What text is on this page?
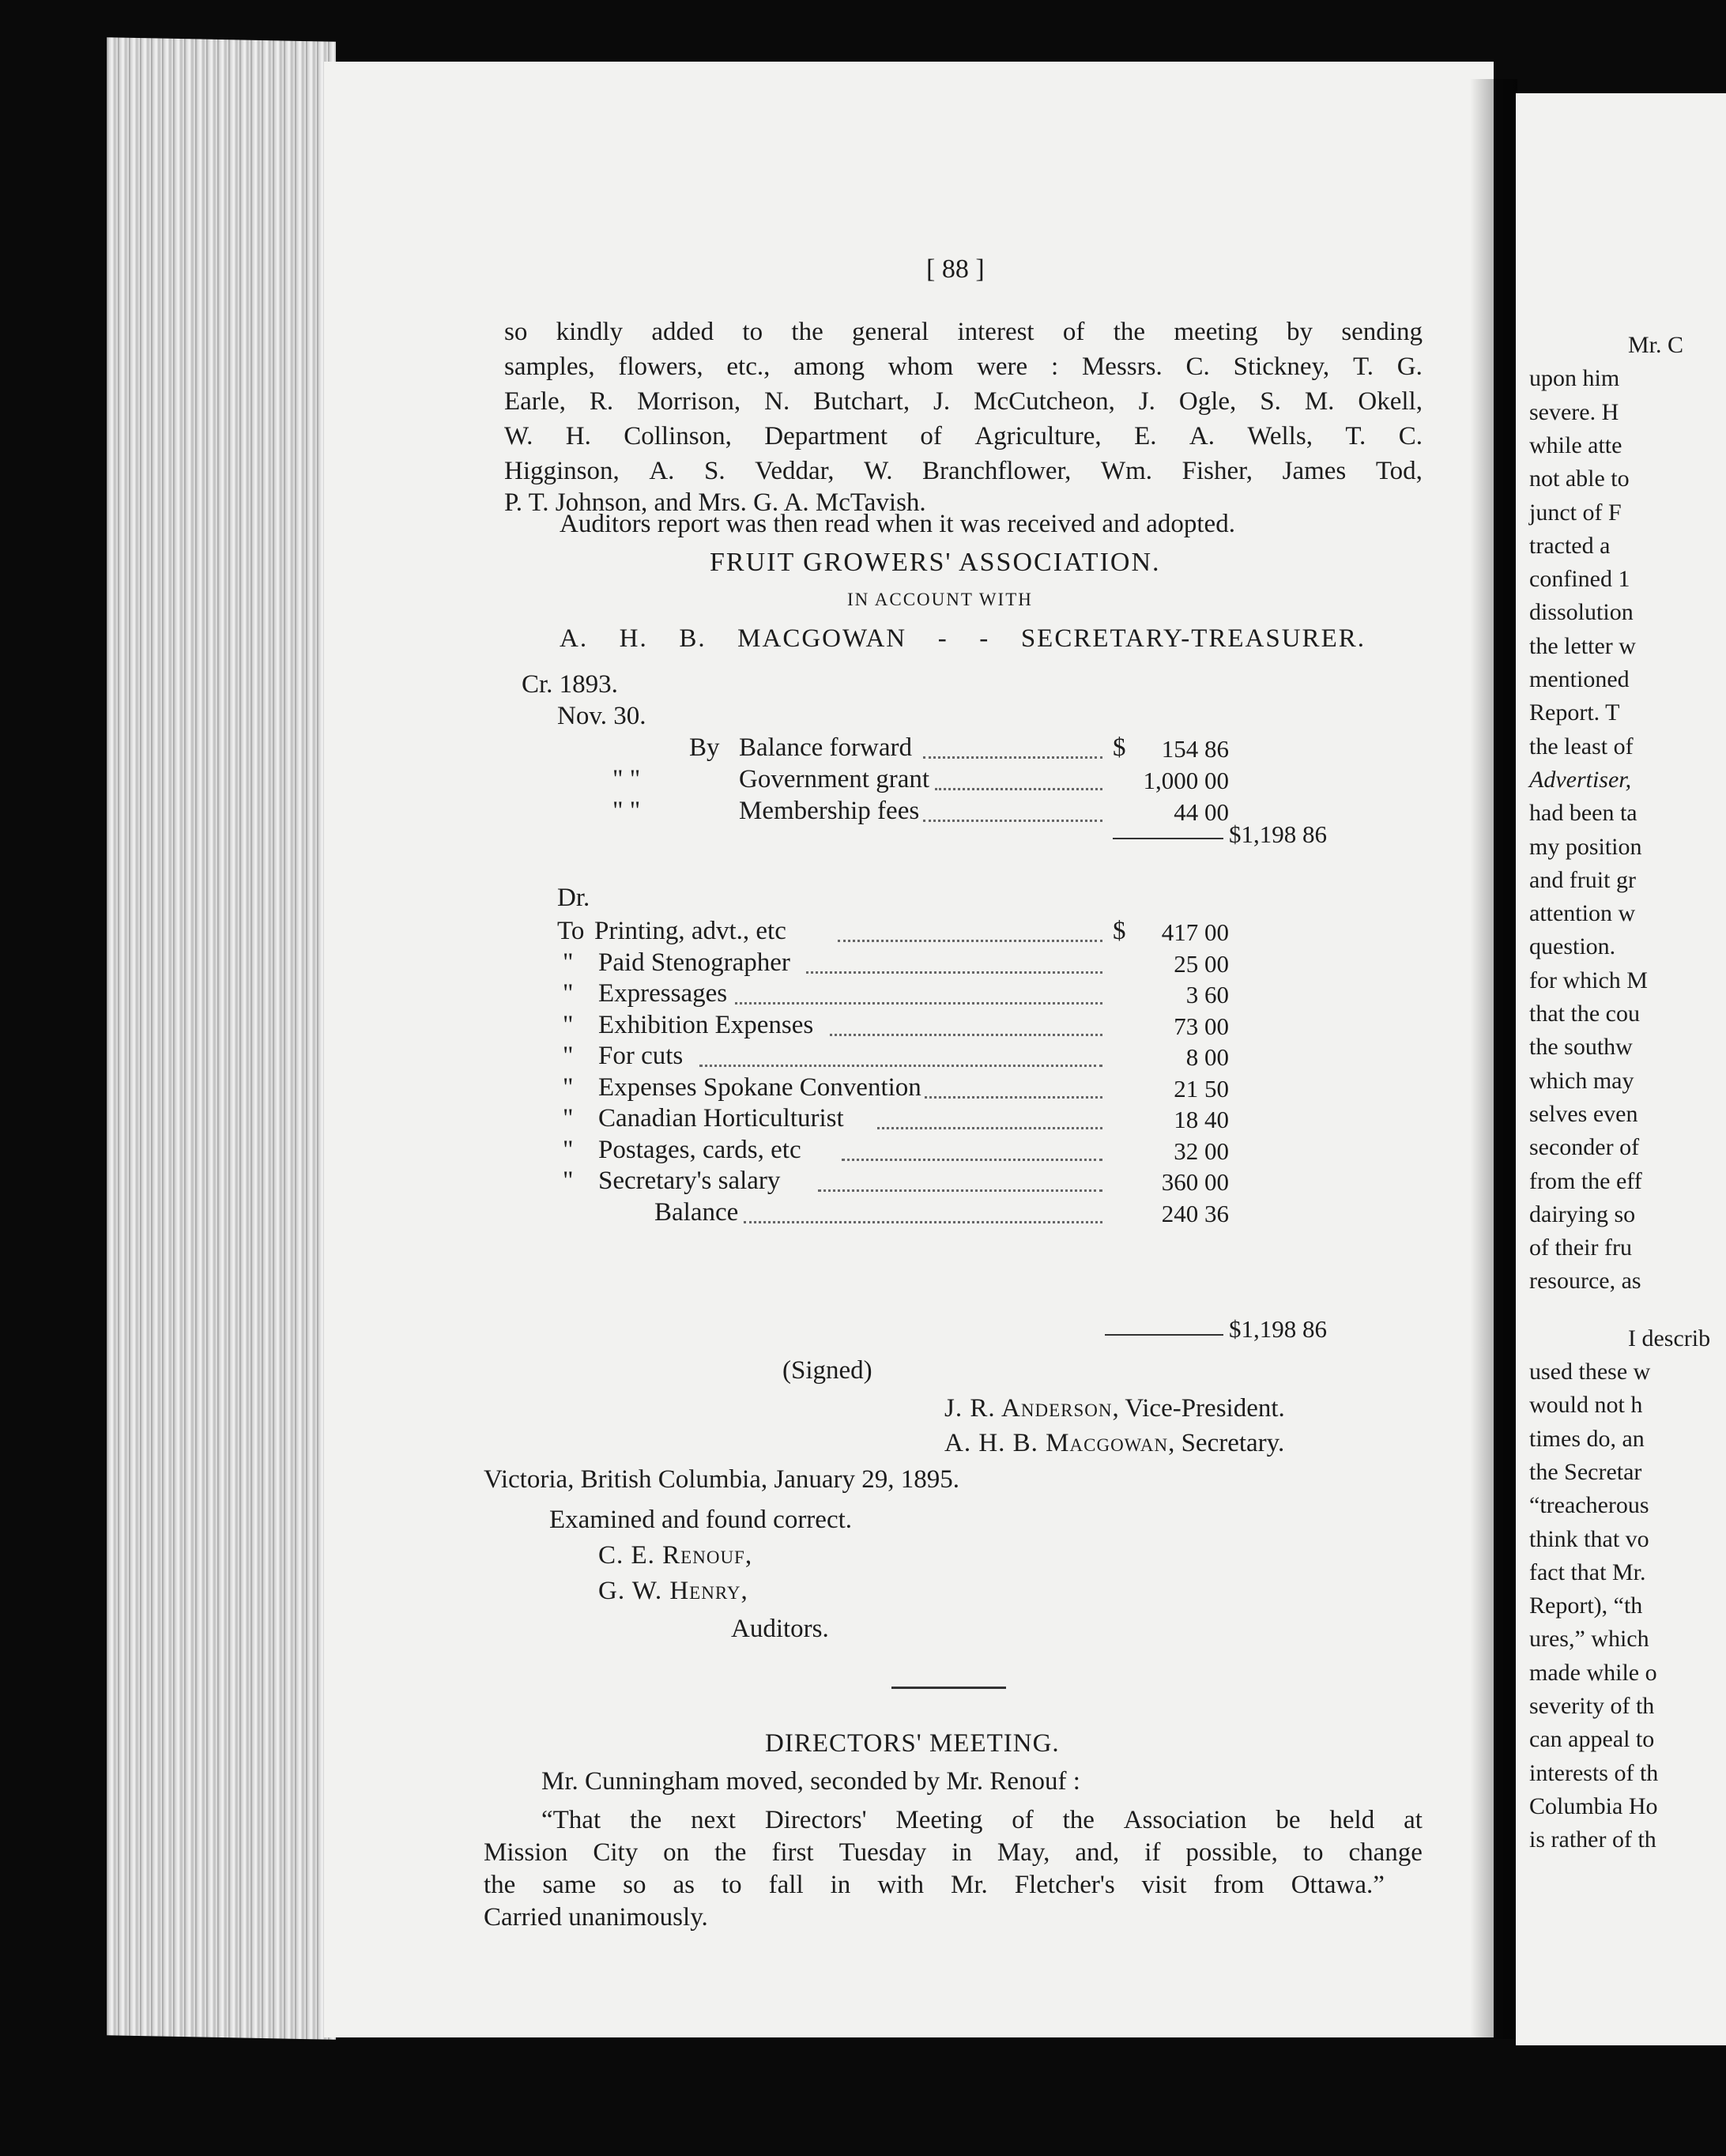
Mr. C
upon him
severe. H
while atte
not able to
junct of F
tracted a
confined 1
dissolution
the letter w
mentioned
Report. T
the least of
Advertiser,
had been ta
my position
and fruit gr
attention w
question.
for which M
that the cou
the southw
which may
selves even
seconder of
from the eff
dairying so
of their fru
resource, as
I describ
used these w
would not h
times do, an
the Secretar
“treacherous
think that vo
fact that Mr.
Report), “th
ures,” which
made while o
severity of th
can appeal to
interests of th
Columbia Ho
is rather of th
[ 88 ]
so kindly added to the general interest of the meeting by sending
samples, flowers, etc., among whom were : Messrs. C. Stickney, T. G.
Earle, R. Morrison, N. Butchart, J. McCutcheon, J. Ogle, S. M. Okell,
W. H. Collinson, Department of Agriculture, E. A. Wells, T. C.
Higginson, A. S. Veddar, W. Branchflower, Wm. Fisher, James Tod,
P. T. Johnson, and Mrs. G. A. McTavish.
Auditors report was then read when it was received and adopted.
FRUIT GROWERS' ASSOCIATION.
IN ACCOUNT WITH
A. H. B. MACGOWAN - - SECRETARY-TREASURER.
Cr. 1893.
Nov. 30.
By Balance forward	$	154 86
" "	Government grant	1,000 00
" "	Membership fees	44 00
$1,198 86
Dr.
To Printing, advt., etc	$	417 00
" Paid Stenographer	25 00
" Expressages	3 60
" Exhibition Expenses	73 00
" For cuts	8 00
" Expenses Spokane Convention	21 50
" Canadian Horticulturist	18 40
" Postages, cards, etc	32 00
" Secretary's salary	360 00
Balance	240 36
$1,198 86
(Signed)
J. R. Anderson, Vice-President.
A. H. B. Macgowan, Secretary.
Victoria, British Columbia, January 29, 1895.
Examined and found correct.
C. E. Renouf,
G. W. Henry,
Auditors.
DIRECTORS' MEETING.
Mr. Cunningham moved, seconded by Mr. Renouf :
“That the next Directors' Meeting of the Association be held at
Mission City on the first Tuesday in May, and, if possible, to change
the same so as to fall in with Mr. Fletcher's visit from Ottawa.”
Carried unanimously.
